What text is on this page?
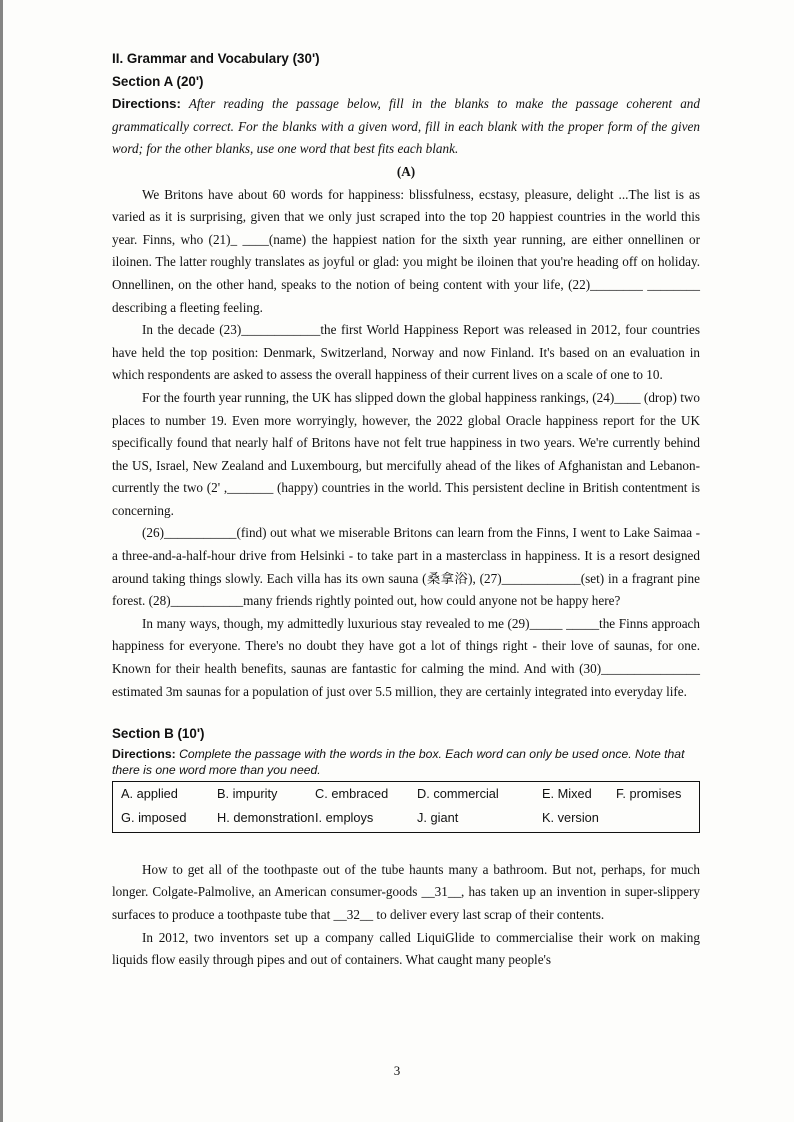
II. Grammar and Vocabulary (30')

Section A (20')

Directions: After reading the passage below, fill in the blanks to make the passage coherent and grammatically correct. For the blanks with a given word, fill in each blank with the proper form of the given word; for the other blanks, use one word that best fits each blank.

(A)

We Britons have about 60 words for happiness: blissfulness, ecstasy, pleasure, delight ...The list is as varied as it is surprising, given that we only just scraped into the top 20 happiest countries in the world this year. Finns, who (21)_ ____(name) the happiest nation for the sixth year running, are either onnellinen or iloinen. The latter roughly translates as joyful or glad: you might be iloinen that you're heading off on holiday. Onnellinen, on the other hand, speaks to the notion of being content with your life, (22)________ ________ describing a fleeting feeling.

In the decade (23)____________the first World Happiness Report was released in 2012, four countries have held the top position: Denmark, Switzerland, Norway and now Finland. It's based on an evaluation in which respondents are asked to assess the overall happiness of their current lives on a scale of one to 10.

For the fourth year running, the UK has slipped down the global happiness rankings, (24)____ (drop) two places to number 19. Even more worryingly, however, the 2022 global Oracle happiness report for the UK specifically found that nearly half of Britons have not felt true happiness in two years. We're currently behind the US, Israel, New Zealand and Luxembourg, but mercifully ahead of the likes of Afghanistan and Lebanon-currently the two (2' ,_______ (happy) countries in the world. This persistent decline in British contentment is concerning.

(26)___________(find) out what we miserable Britons can learn from the Finns, I went to Lake Saimaa - a three-and-a-half-hour drive from Helsinki - to take part in a masterclass in happiness. It is a resort designed around taking things slowly. Each villa has its own sauna (桑拿浴), (27)____________(set) in a fragrant pine forest. (28)___________many friends rightly pointed out, how could anyone not be happy here?

In many ways, though, my admittedly luxurious stay revealed to me (29)_____ _____the Finns approach happiness for everyone. There's no doubt they have got a lot of things right - their love of saunas, for one. Known for their health benefits, saunas are fantastic for calming the mind. And with (30)_______________ estimated 3m saunas for a population of just over 5.5 million, they are certainly integrated into everyday life.

Section B (10')

Directions: Complete the passage with the words in the box. Each word can only be used once. Note that there is one word more than you need.

A. applied	B. impurity	C. embraced	D. commercial	E. Mixed	F. promises
G. imposed	H. demonstration I. employs	J. giant	K. version

How to get all of the toothpaste out of the tube haunts many a bathroom. But not, perhaps, for much longer. Colgate-Palmolive, an American consumer-goods __31__, has taken up an invention in super-slippery surfaces to produce a toothpaste tube that __32__ to deliver every last scrap of their contents.

In 2012, two inventors set up a company called LiquiGlide to commercialise their work on making liquids flow easily through pipes and out of containers. What caught many people's

3
